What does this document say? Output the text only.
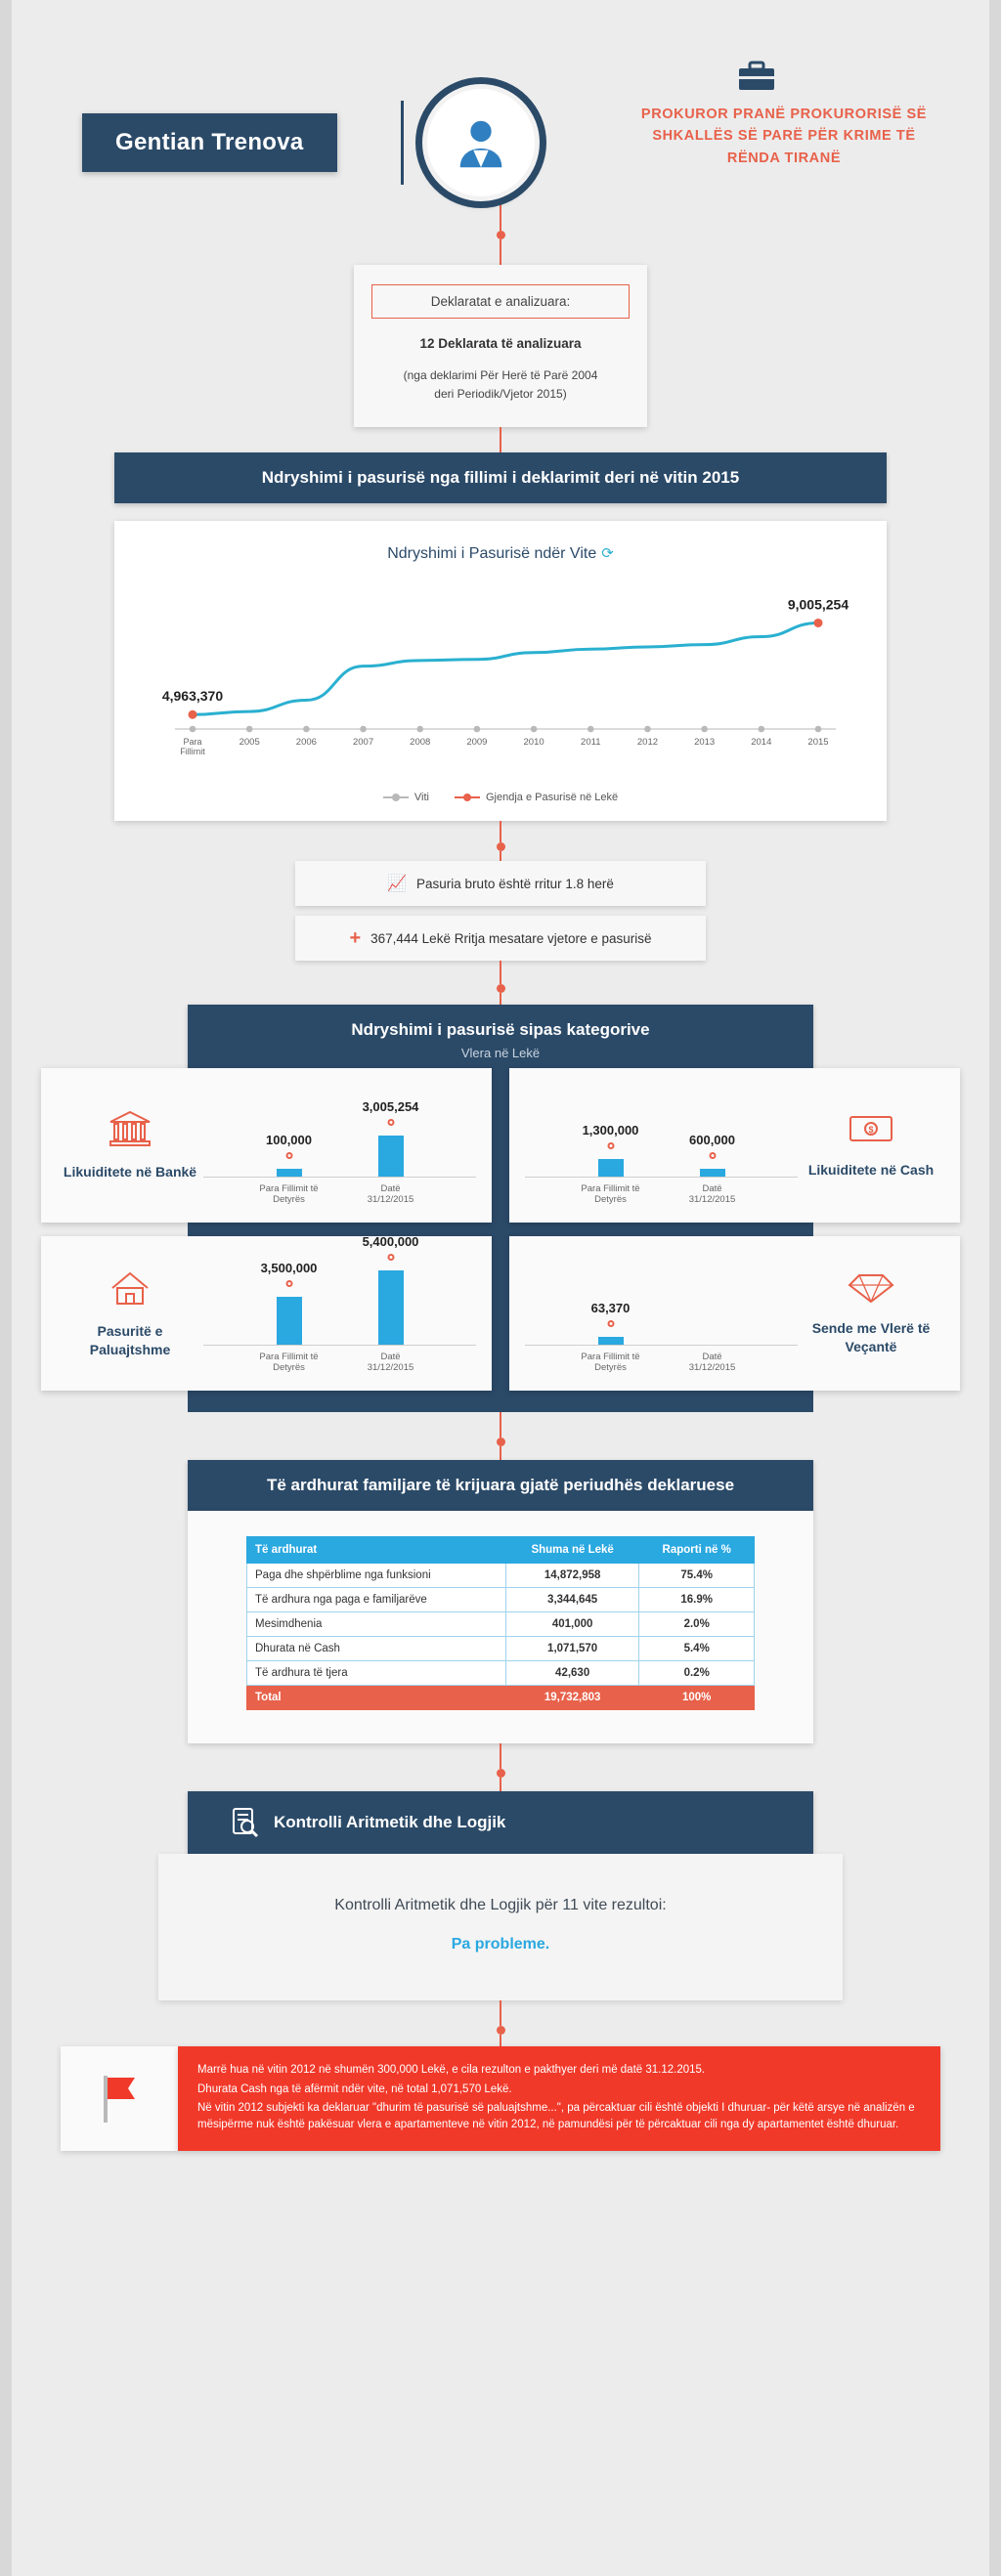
Gentian Trenova
PROKUROR PRANË PROKURORISË SË SHKALLËS SË PARË PËR KRIME TË RËNDA TIRANË
Deklaratat e analizuara:
12 Deklarata të analizuara
(nga deklarimi Për Herë të Parë 2004
deri Periodik/Vjetor 2015)
Ndryshimi i pasurisë nga fillimi i deklarimit deri në vitin 2015
Ndryshimi i Pasurisë ndër Vite ⟳
Para
Fillimit
2005	2006	2007	2008	2009	2010	2011	2012	2013	2014	2015
4,963,370
9,005,254
Viti	Gjendja e Pasurisë në Lekë
📈 Pasuria bruto është rritur 1.8 herë
+ 367,444 Lekë Rritja mesatare vjetore e pasurisë
Ndryshimi i pasurisë sipas kategorive
Vlera në Lekë
Likuiditete në Bankë
100,000
3,005,254
Para Fillimit të Detyrës
Datë 31/12/2015
1,300,000
600,000
Para Fillimit të Detyrës
Datë 31/12/2015
$
Likuiditete në Cash
Pasuritë e Paluajtshme
3,500,000
5,400,000
Para Fillimit të Detyrës
Datë 31/12/2015
63,370
Para Fillimit të Detyrës
Datë 31/12/2015
Sende me Vlerë të Veçantë
Të ardhurat familjare të krijuara gjatë periudhës deklaruese
Të ardhurat	Shuma në Lekë	Raporti në %
Paga dhe shpërblime nga funksioni	14,872,958	75.4%
Të ardhura nga paga e familjarëve	3,344,645	16.9%
Mesimdhenia	401,000	2.0%
Dhurata në Cash	1,071,570	5.4%
Të ardhura të tjera	42,630	0.2%
Total	19,732,803	100%
Kontrolli Aritmetik dhe Logjik
Kontrolli Aritmetik dhe Logjik për 11 vite rezultoi:
Pa probleme.

Marrë hua në vitin 2012 në shumën 300,000 Lekë, e cila rezulton e pakthyer deri më datë 31.12.2015.

Dhurata Cash nga të afërmit ndër vite, në total 1,071,570 Lekë.

Në vitin 2012 subjekti ka deklaruar "dhurim të pasurisë së paluajtshme...", pa përcaktuar cili është objekti I dhuruar- për këtë arsye në analizën e mësipërme nuk është pakësuar vlera e apartamenteve në vitin 2012, në pamundësi për të përcaktuar cili nga dy apartamentet është dhuruar.
